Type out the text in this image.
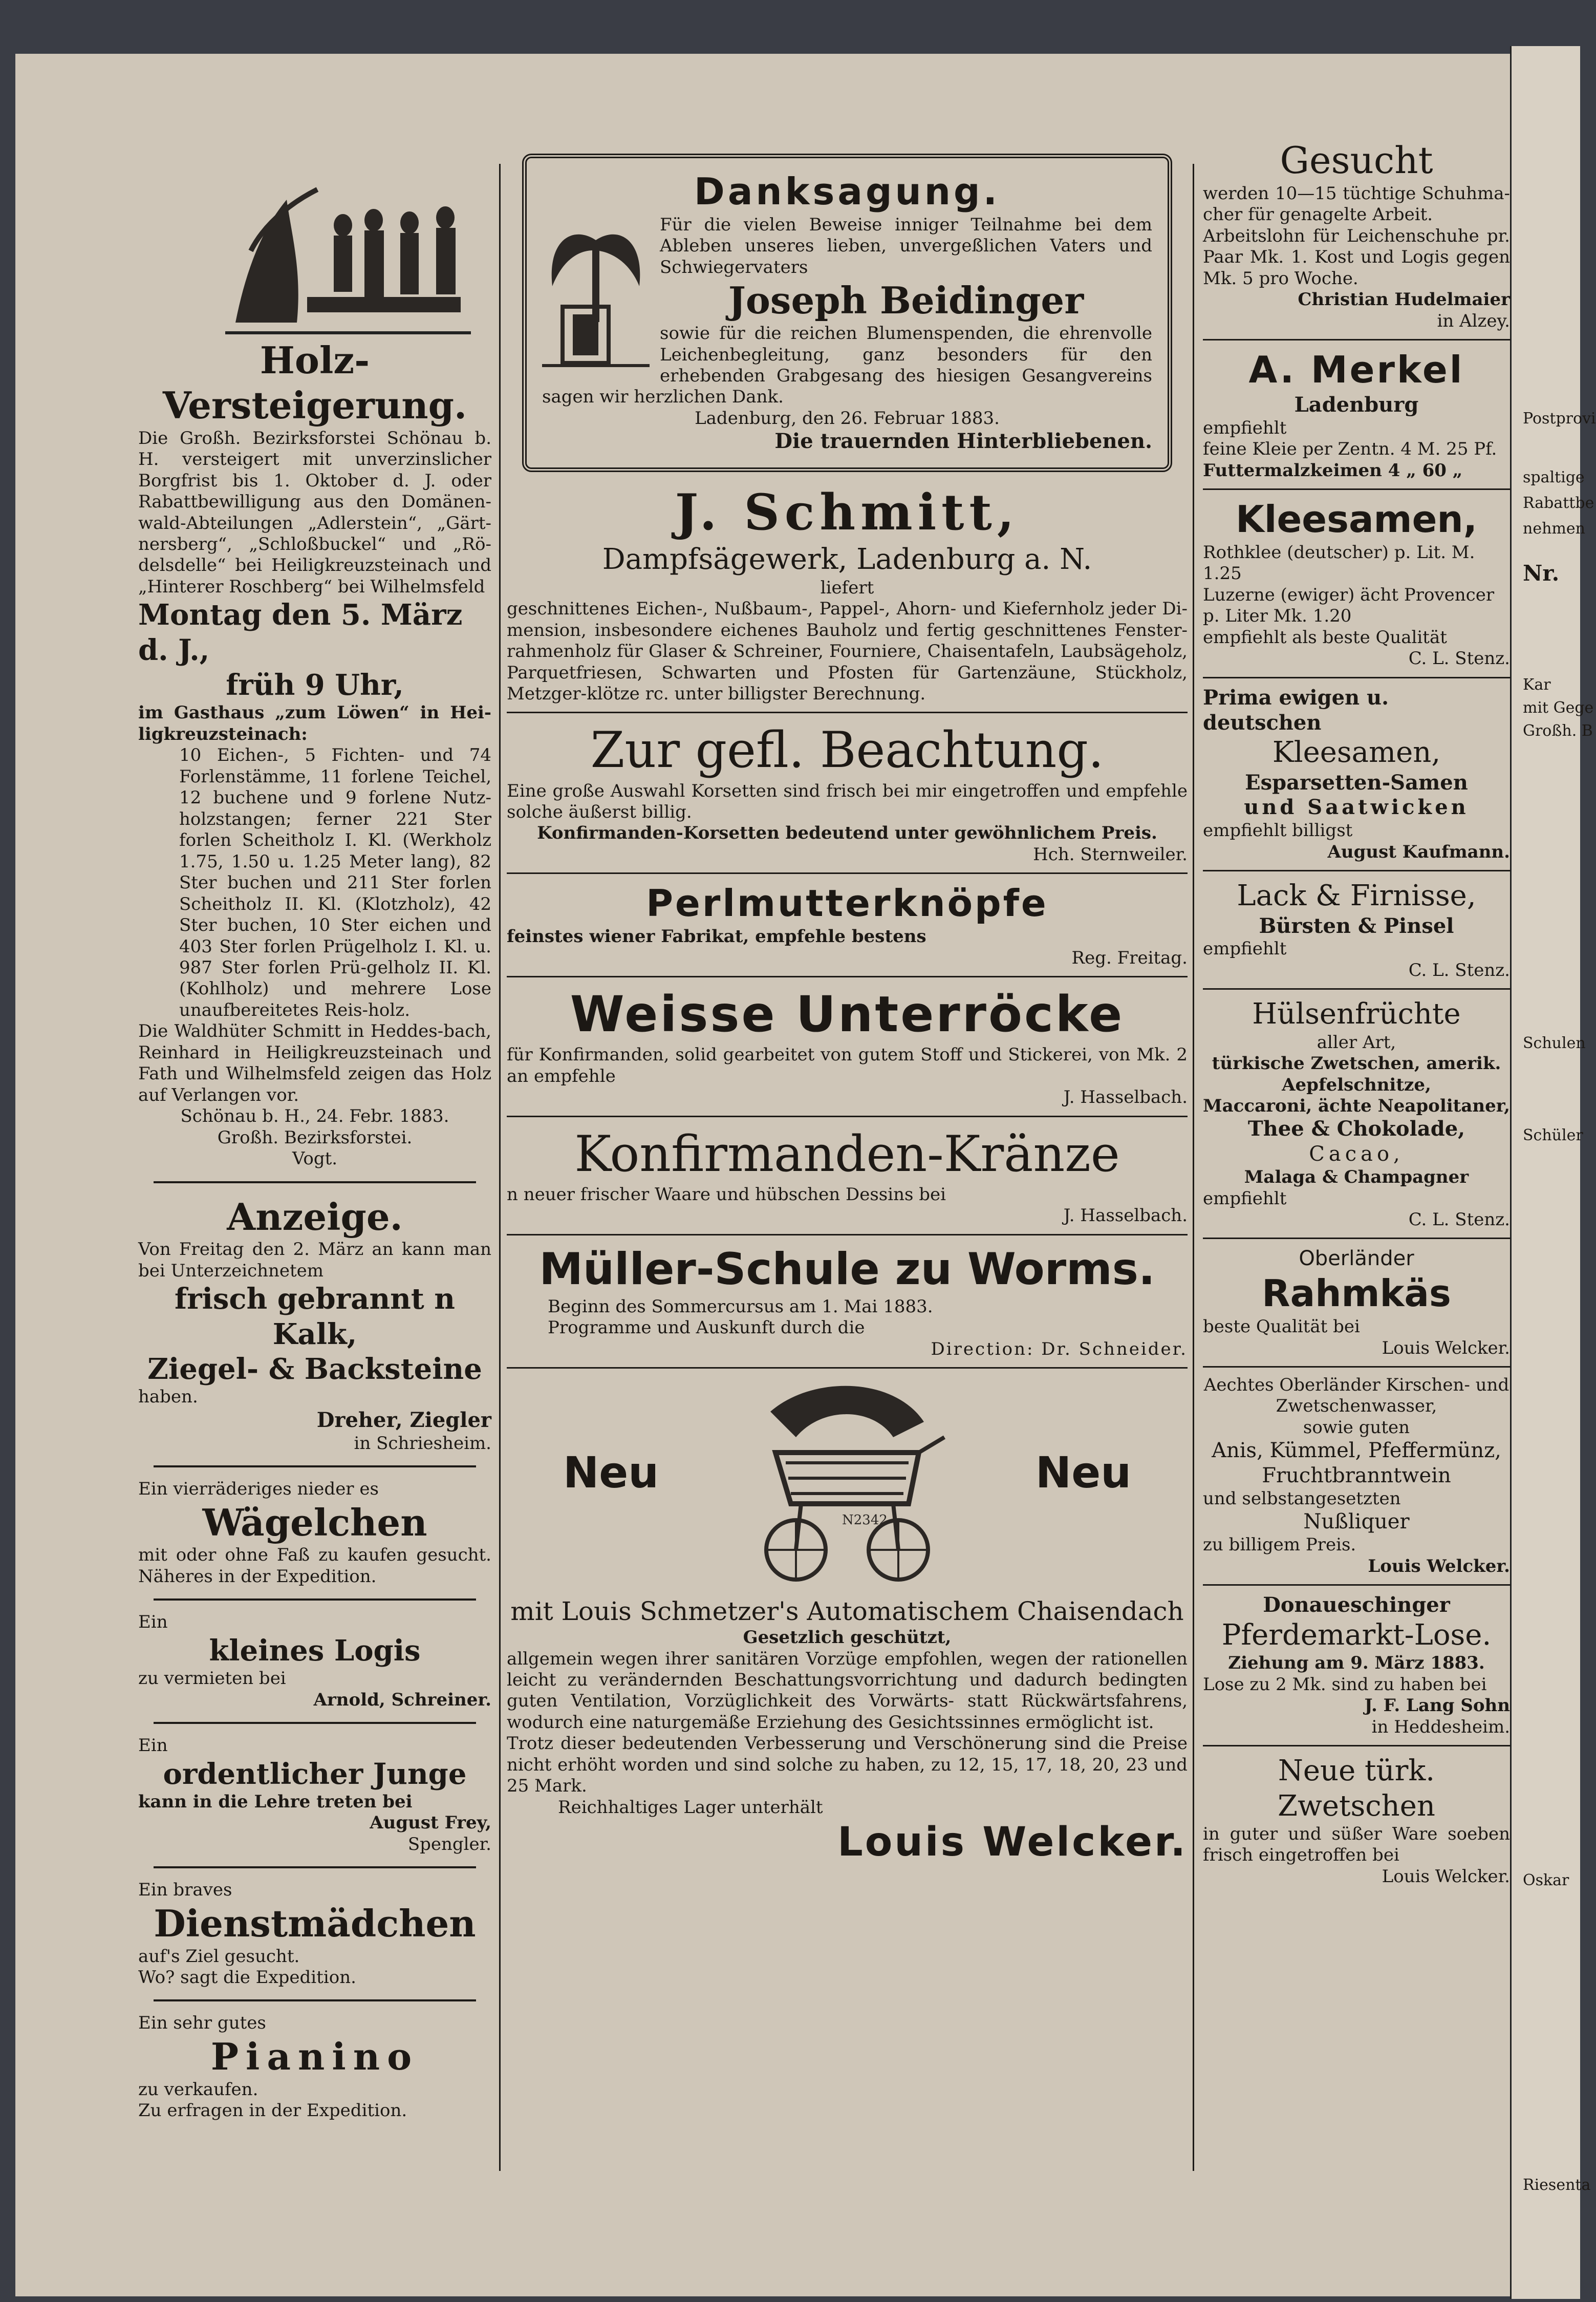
Holz-Versteigerung.

Die Großh. Bezirksforstei Schönau b. H. versteigert mit unverzinslicher Borgfrist bis 1. Oktober d. J. oder Rabattbewilligung aus den Domänen-wald-Abteilungen „Adlerstein“, „Gärt-nersberg“, „Schloßbuckel“ und „Rö-delsdelle“ bei Heiligkreuzsteinach und „Hinterer Roschberg“ bei Wilhelmsfeld

Montag den 5. März d. J.,

früh 9 Uhr,

im Gasthaus „zum Löwen“ in Hei-ligkreuzsteinach:

10 Eichen-, 5 Fichten- und 74 Forlenstämme, 11 forlene Teichel, 12 buchene und 9 forlene Nutz-holzstangen; ferner 221 Ster forlen Scheitholz I. Kl. (Werkholz 1.75, 1.50 u. 1.25 Meter lang), 82 Ster buchen und 211 Ster forlen Scheitholz II. Kl. (Klotzholz), 42 Ster buchen, 10 Ster eichen und 403 Ster forlen Prügelholz I. Kl. u. 987 Ster forlen Prü-gelholz II. Kl. (Kohlholz) und mehrere Lose unaufbereitetes Reis-holz.

Die Waldhüter Schmitt in Heddes-bach, Reinhard in Heiligkreuzsteinach und Fath und Wilhelmsfeld zeigen das Holz auf Verlangen vor.

Schönau b. H., 24. Febr. 1883.

Großh. Bezirksforstei.

Vogt.

Anzeige.

Von Freitag den 2. März an kann man bei Unterzeichnetem

frisch gebrannt n Kalk,

Ziegel- & Backsteine

haben.

Dreher, Ziegler

in Schriesheim.

Ein vierräderiges nieder es

Wägelchen

mit oder ohne Faß zu kaufen gesucht. Näheres in der Expedition.

Ein

kleines Logis

zu vermieten bei

Arnold, Schreiner.

Ein

ordentlicher Junge

kann in die Lehre treten bei

August Frey,

Spengler.

Ein braves

Dienstmädchen

auf's Ziel gesucht.

Wo? sagt die Expedition.

Ein sehr gutes

Pianino

zu verkaufen.

Zu erfragen in der Expedition.

Danksagung.

Für die vielen Beweise inniger Teilnahme bei dem Ableben unseres lieben, unvergeßlichen Vaters und Schwiegervaters

Joseph Beidinger

sowie für die reichen Blumenspenden, die ehrenvolle Leichenbegleitung, ganz besonders für den erhebenden Grabgesang des hiesigen Gesangvereins sagen wir herzlichen Dank.

Ladenburg, den 26. Februar 1883.

Die trauernden Hinterbliebenen.

J. Schmitt,

Dampfsägewerk, Ladenburg a. N.

liefert

geschnittenes Eichen-, Nußbaum-, Pappel-, Ahorn- und Kiefernholz jeder Di-mension, insbesondere eichenes Bauholz und fertig geschnittenes Fenster-rahmenholz für Glaser & Schreiner, Fourniere, Chaisentafeln, Laubsägeholz, Parquetfriesen, Schwarten und Pfosten für Gartenzäune, Stückholz, Metzger-klötze rc. unter billigster Berechnung.

Zur gefl. Beachtung.

Eine große Auswahl Korsetten sind frisch bei mir eingetroffen und empfehle solche äußerst billig.

Konfirmanden-Korsetten bedeutend unter gewöhnlichem Preis.

Hch. Sternweiler.

Perlmutterknöpfe

feinstes wiener Fabrikat, empfehle bestens

Reg. Freitag.

Weisse Unterröcke

für Konfirmanden, solid gearbeitet von gutem Stoff und Stickerei, von Mk. 2 an empfehle

J. Hasselbach.

Konfirmanden-Kränze

n neuer frischer Waare und hübschen Dessins bei

J. Hasselbach.

Müller-Schule zu Worms.

Beginn des Sommercursus am 1. Mai 1883.

Programme und Auskunft durch die

Direction: Dr. Schneider.

Neu	Neu
N2342

mit Louis Schmetzer's Automatischem Chaisendach

Gesetzlich geschützt,

allgemein wegen ihrer sanitären Vorzüge empfohlen, wegen der rationellen leicht zu verändernden Beschattungsvorrichtung und dadurch bedingten guten Ventilation, Vorzüglichkeit des Vorwärts- statt Rückwärtsfahrens, wodurch eine naturgemäße Erziehung des Gesichtssinnes ermöglicht ist.

Trotz dieser bedeutenden Verbesserung und Verschönerung sind die Preise nicht erhöht worden und sind solche zu haben, zu 12, 15, 17, 18, 20, 23 und 25 Mark.

Reichhaltiges Lager unterhält

Louis Welcker.

Gesucht

werden 10—15 tüchtige Schuhma-cher für genagelte Arbeit.

Arbeitslohn für Leichenschuhe pr. Paar Mk. 1. Kost und Logis gegen Mk. 5 pro Woche.

Christian Hudelmaier

in Alzey.

A. Merkel

Ladenburg

empfiehlt

feine Kleie per Zentn. 4 M. 25 Pf.

Futtermalzkeimen 4 „ 60 „

Kleesamen,

Rothklee (deutscher) p. Lit. M. 1.25

Luzerne (ewiger) ächt Provencer p. Liter Mk. 1.20

empfiehlt als beste Qualität

C. L. Stenz.

Prima ewigen u. deutschen

Kleesamen,

Esparsetten-Samen

und Saatwicken

empfiehlt billigst

August Kaufmann.

Lack & Firnisse,

Bürsten & Pinsel

empfiehlt

C. L. Stenz.

Hülsenfrüchte

aller Art,

türkische Zwetschen, amerik. Aepfelschnitze,

Maccaroni, ächte Neapolitaner,

Thee & Chokolade,

Cacao,

Malaga & Champagner

empfiehlt

C. L. Stenz.

Oberländer

Rahmkäs

beste Qualität bei

Louis Welcker.

Aechtes Oberländer Kirschen- und Zwetschenwasser,

sowie guten

Anis, Kümmel, Pfeffermünz, Fruchtbranntwein

und selbstangesetzten

Nußliquer

zu billigem Preis.

Louis Welcker.

Donaueschinger

Pferdemarkt-Lose.

Ziehung am 9. März 1883.

Lose zu 2 Mk. sind zu haben bei

J. F. Lang Sohn

in Heddesheim.

Neue türk. Zwetschen

in guter und süßer Ware soeben frisch eingetroffen bei

Louis Welcker.

Postprovi
spaltige
Rabattbe
nehmen
Nr.
Kar
mit Gege
Großh. B
Schulen
Schüler
Oskar
Riesenta
